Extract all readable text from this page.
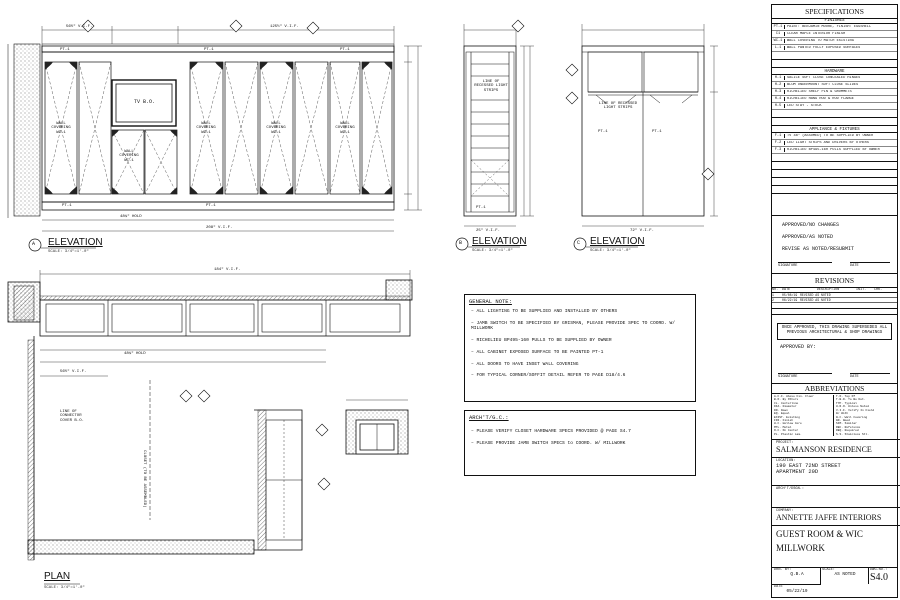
ELEVATION
A
SCALE: 3/4"=1'-0"
ELEVATION
B
SCALE: 3/4"=1'-0"
ELEVATION
C
SCALE: 3/4"=1'-0"
PLAN
SCALE: 3/4"=1'-0"
56½" V.I.F.	125½" V.I.F.
48¼" HOLD
208" V.I.F.
TV B.O.
WALL COVERING WC-1
WALL COVERING WC-1
WALL COVERING WC-1
WALL COVERING WC-1
WALL COVERING WC-1
PT-1	PT-1	PT-1
PT-1	PT-1
LINE OF RECESSED LIGHT STRIPS
PT-1
25" V.I.F.
LINE OF RECESSED LIGHT STRIPS
PT-1	PT-1
72" V.I.F.
184" V.I.F.
48¼" HOLD
56½" V.I.F.
LINE OF CONNECTOR COVER B.O.
CLOSET (TO BE ASSEMBLED)
GENERAL NOTE:
– ALL LIGHTING TO BE SUPPLIED AND INSTALLED BY OTHERS
– JAMB SWITCH TO BE SPECIFIED BY GRISMAN, PLEASE PROVIDE SPEC TO COORD. W/ MILLWORK
– RICHELIEU BP495-160 PULLS TO BE SUPPLIED BY OWNER
– ALL CABINET EXPOSED SURFACE TO BE PAINTED PT-1
– ALL DOORS TO HAVE INSET WALL COVERING
– FOR TYPICAL CORNER/SOFFIT DETAIL REFER TO PAGE D18/4.6
ARCH'T/G.C.:
– PLEASE VERIFY CLOSET HARDWARE SPECS PROVIDED @ PAGE S4.7
– PLEASE PROVIDE JAMB SWITCH SPECS to COORD. W/ MILLWORK
SPECIFICATIONS
FINISHES
PT-1	PAINT: BENJAMIN MOORE, FINISH: EGGSHELL
C1	CLEAR MAPLE INTERIOR FINISH
WC-1	WALL COVERING TO MATCH EXISTING
L-1	WALL PANTED FULLY EXPOSED SURFACES
HARDWARE
H-1	SALICE SOFT CLOSE CONCEALED HINGES
H-2	BLUM UNDERMOUNT SOFT CLOSE SLIDES
H-3	RICHELIEU SHELF PIN & GROMMETS
H-4	RICHELIEU HANG ROD & ROD FLANGE
H-5	LED STAY - STOCK
APPLIANCE & FIXTURES
F-1	TV 48" (ASSUMED) TO BE SUPPLIED BY OWNER
F-2	LED LIGHT STRIPS AND DRIVERS BY OTHERS
F-3	RICHELIEU BP495-160 PULLS SUPPLIED BY OWNER
APPROVED/NO CHANGES
APPROVED/AS NOTED
REVISE AS NOTED/RESUBMIT
SIGNATURE	DATE
REVISIONS
NO.	DATE	DESCRIPTION	INIT.	CHK.
1	05/08/19 REVISED AS NOTED
2	06/22/19 REVISED AS NOTED
ONCE APPROVED, THIS DRAWING SUPERSEDES ALL PREVIOUS ARCHITECTURAL & SHOP DRAWINGS
APPROVED BY:
SIGNATURE	DATE
ABBREVIATIONS
A.F.F. Above Fin. Floor
B.O. By Others
CL. Centerline
DIA. Diameter
DN. Down
EQ. Equal
EXIST. Existing
FIN. Finish
H.C. Hollow Core
MTL. Metal
O.C. On Center
PL. Plastic Lam.
T.O. Top Of
T.B.D. To Be Det.
TYP. Typical
U.N.O. Unless Noted
V.I.F. Verify In Field
W/ With
W.C. Wall Covering
WD. Wood
SIM. Similar
REF. Reference
REQ. Required
S.S. Stainless Stl.
PROJECT:
SALMANSON RESIDENCE
LOCATION:
190 EAST 72ND STREET
APARTMENT 20D
ARCH'T/DSGN.:
COMPANY:
ANNETTE JAFFE INTERIORS
GUEST ROOM & WIC
MILLWORK
DRN. BY:
Q.B.A
SCALE:
AS NOTED
DWG.NO.:
S4.0
DATE
05/22/19
